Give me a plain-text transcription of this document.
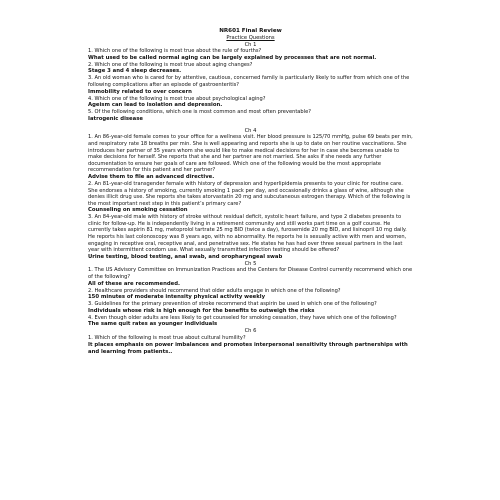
NR601 Final Review
Practice Questions
Ch 1

1. Which one of the following is most true about the rule of fourths?

What used to be called normal aging can be largely explained by processes that are not normal.

2. Which one of the following is most true about aging changes?

Stage 3 and 4 sleep decreases.

3. An old woman who is cared for by attentive, cautious, concerned family is particularly likely to suffer from which one of the following complications after an episode of gastroenteritis?

Immobility related to over concern

4. Which one of the following is most true about psychological aging?

Ageism can lead to isolation and depression.

5. Of the following conditions, which one is most common and most often preventable?

Iatrogenic disease

Ch 4

1. An 86-year-old female comes to your office for a wellness visit. Her blood pressure is 125/70 mmHg, pulse 69 beats per min, and respiratory rate 18 breaths per min. She is well appearing and reports she is up to date on her routine vaccinations. She introduces her partner of 35 years whom she would like to make medical decisions for her in case she becomes unable to make decisions for herself. She reports that she and her partner are not married. She asks if she needs any further documentation to ensure her goals of care are followed. Which one of the following would be the most appropriate recommendation for this patient and her partner?

Advise them to file an advanced directive.

2. An 81-year-old transgender female with history of depression and hyperlipidemia presents to your clinic for routine care. She endorses a history of smoking, currently smoking 1 pack per day, and occasionally drinks a glass of wine, although she denies illicit drug use. She reports she takes atorvastatin 20 mg and subcutaneous estrogen therapy. Which of the following is the most important next step in this patient’s primary care?

Counseling on smoking cessation

3. An 84-year-old male with history of stroke without residual deficit, systolic heart failure, and type 2 diabetes presents to clinic for follow-up. He is independently living in a retirement community and still works part time on a golf course. He currently takes aspirin 81 mg, metoprolol tartrate 25 mg BID (twice a day), furosemide 20 mg BID, and lisinopril 10 mg daily. He reports his last colonoscopy was 8 years ago, with no abnormality. He reports he is sexually active with men and women, engaging in receptive oral, receptive anal, and penetrative sex. He states he has had over three sexual partners in the last year with intermittent condom use. What sexually transmitted infection testing should be offered?

Urine testing, blood testing, anal swab, and oropharyngeal swab

Ch 5

1. The US Advisory Committee on Immunization Practices and the Centers for Disease Control currently recommend which one of the following?

All of these are recommended.

2. Healthcare providers should recommend that older adults engage in which one of the following?

150 minutes of moderate intensity physical activity weekly

3. Guidelines for the primary prevention of stroke recommend that aspirin be used in which one of the following?

Individuals whose risk is high enough for the benefits to outweigh the risks

4. Even though older adults are less likely to get counseled for smoking cessation, they have which one of the following?

The same quit rates as younger individuals

Ch 6

1. Which of the following is most true about cultural humility?

It places emphasis on power imbalances and promotes interpersonal sensitivity through partnerships with and learning from patients..
